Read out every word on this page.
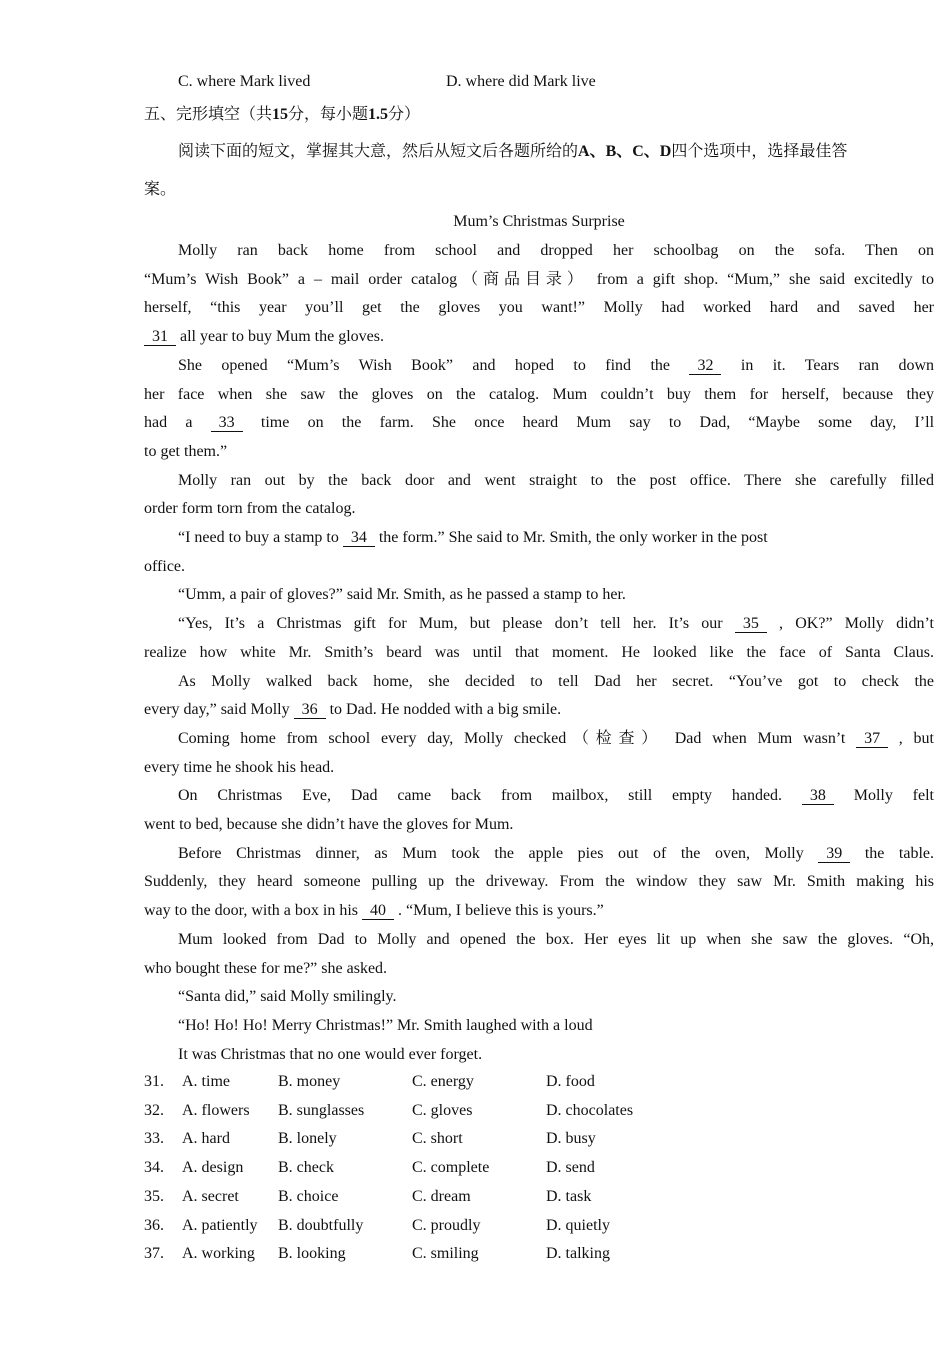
C. where Mark lived	D. where did Mark live
五、完形填空（共15分，每小题1.5分）
阅读下面的短文，掌握其大意，然后从短文后各题所给的A、B、C、D四个选项中，选择最佳答
案。
Mum’s Christmas Surprise
Molly ran back home from school and dropped her schoolbag on the sofa. Then on
“Mum’s Wish Book” a – mail order catalog（商品目录） from a gift shop. “Mum,” she said excitedly to
herself, “this year you’ll get the gloves you want!” Molly had worked hard and saved her
31 all year to buy Mum the gloves.
She opened “Mum’s Wish Book” and hoped to find the 32 in it. Tears ran down
her face when she saw the gloves on the catalog. Mum couldn’t buy them for herself, because they
had a 33 time on the farm. She once heard Mum say to Dad, “Maybe some day, I’ll
to get them.”
Molly ran out by the back door and went straight to the post office. There she carefully filled
order form torn from the catalog.
“I need to buy a stamp to 34 the form.” She said to Mr. Smith, the only worker in the post
office.
“Umm, a pair of gloves?” said Mr. Smith, as he passed a stamp to her.
“Yes, It’s a Christmas gift for Mum, but please don’t tell her. It’s our 35 , OK?” Molly didn’t
realize how white Mr. Smith’s beard was until that moment. He looked like the face of Santa Claus.
As Molly walked back home, she decided to tell Dad her secret. “You’ve got to check the
every day,” said Molly 36 to Dad. He nodded with a big smile.
Coming home from school every day, Molly checked（检查） Dad when Mum wasn’t 37 , but
every time he shook his head.
On Christmas Eve, Dad came back from mailbox, still empty handed. 38 Molly felt
went to bed, because she didn’t have the gloves for Mum.
Before Christmas dinner, as Mum took the apple pies out of the oven, Molly 39 the table.
Suddenly, they heard someone pulling up the driveway. From the window they saw Mr. Smith making his
way to the door, with a box in his 40 . “Mum, I believe this is yours.”
Mum looked from Dad to Molly and opened the box. Her eyes lit up when she saw the gloves. “Oh,
who bought these for me?” she asked.
“Santa did,” said Molly smilingly.
“Ho! Ho! Ho! Merry Christmas!” Mr. Smith laughed with a loud
It was Christmas that no one would ever forget.
31. A. time	B. money	C. energy	D. food
32. A. flowers B. sunglasses	C. gloves	D. chocolates
33. A. hard	B. lonely	C. short	D. busy
34. A. design B. check	C. complete	D. send
35. A. secret B. choice	C. dream	D. task
36. A. patiently B. doubtfully	C. proudly	D. quietly
37. A. working B. looking	C. smiling	D. talking
